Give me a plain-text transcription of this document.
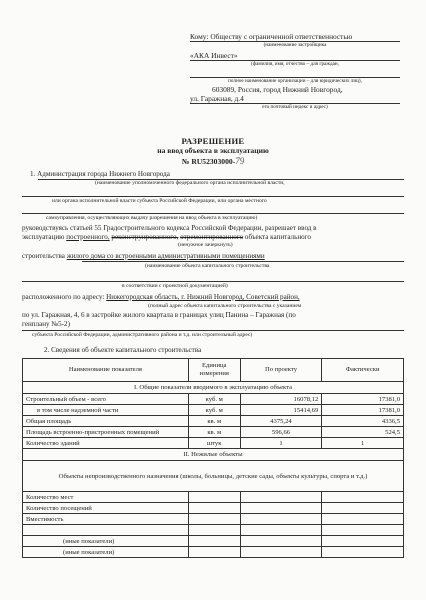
Кому: Обществу с ограниченной ответственностью
(наименование застройщика
«АКА Инвест»
(фамилия, имя, отчество – для граждан,
полное наименование организации – для юридических лиц),
603089, Россия, город Нижний Новгород,
ул. Гаражная, д.4
его почтовый индекс и адрес)
РАЗРЕШЕНИЕ
на ввод объекта в эксплуатацию
№ RU52303000-79
1. Администрация города Нижнего Новгорода
(наименование уполномоченного федерального органа исполнительной власти,
или органа исполнительной власти субъекта Российской Федерации, или органа местного
самоуправления, осуществляющих выдачу разрешения на ввод объекта в эксплуатацию)
руководствуясь статьей 55 Градостроительного кодекса Российской Федерации, разрешает ввод в
эксплуатацию построенного, реконструированного, отремонтированного объекта капитального
(ненужное зачеркнуть)
строительства жилого дома со встроенными административными помещениями
(наименование объекта капитального строительства
в соответствии с проектной документацией)
расположенного по адресу: Нижегородская область, г. Нижний Новгород, Советский район,
(полный адрес объекта капитального строительства с указанием
по ул. Гаражная, 4, 6 в застройке жилого квартала в границах улиц Панина – Гаражная (по
генплану №5-2)
субъекта Российской Федерации, административного района и т.д. или строительный адрес)
2. Сведения об объекте капитального строительства
Наименование показателя	Единица измерения	По проекту	Фактически
I. Общие показатели вводимого в эксплуатацию объекта			
Строительный объем - всего	куб. м	16078,12	17381,0
в том числе надземной части	куб. м	15414,69	17381,0
Общая площадь	кв. м	4375,24	4336,5
Площадь встроенно-пристроенных помещений	кв. м	596,66	524,5
Количество зданий	штук	1	1
II. Нежилые объекты			
Объекты непроизводственного назначения (школы, больницы, детские сады, объекты культуры, спорта и т.д.)			
Количество мест			
Количество посещений			
Вместимость			

(иные показатели)			
(иные показатели)			
